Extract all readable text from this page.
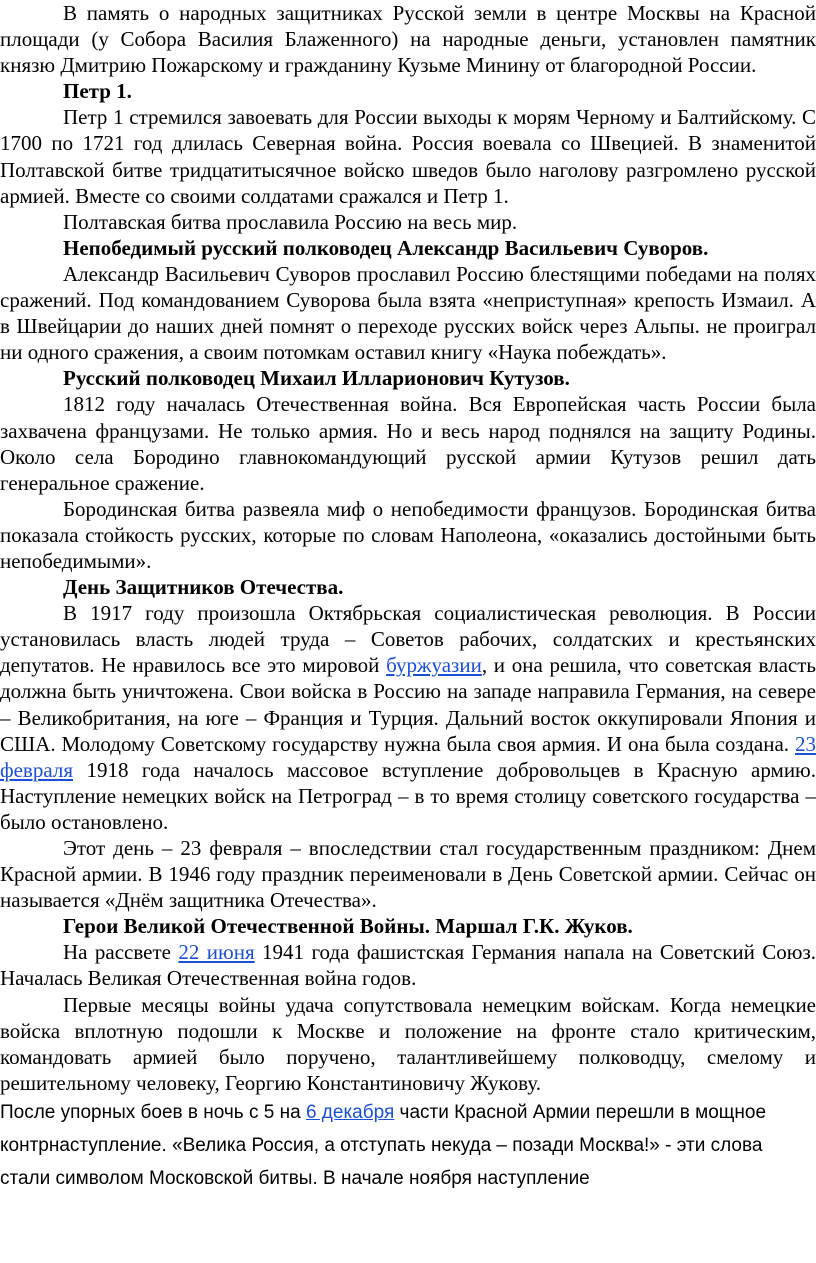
В память о народных защитниках Русской земли в центре Москвы на Красной площади (у Собора Василия Блаженного) на народные деньги, установлен памятник князю Дмитрию Пожарскому и гражданину Кузьме Минину от благородной России.

Петр 1.

Петр 1 стремился завоевать для России выходы к морям Черному и Балтийскому. С 1700 по 1721 год длилась Северная война. Россия воевала со Швецией. В знаменитой Полтавской битве тридцатитысячное войско шведов было наголову разгромлено русской армией. Вместе со своими солдатами сражался и Петр 1.

Полтавская битва прославила Россию на весь мир.

Непобедимый русский полководец Александр Васильевич Суворов.

Александр Васильевич Суворов прославил Россию блестящими победами на полях сражений. Под командованием Суворова была взята «неприступная» крепость Измаил. А в Швейцарии до наших дней помнят о переходе русских войск через Альпы. не проиграл ни одного сражения, а своим потомкам оставил книгу «Наука побеждать».

Русский полководец Михаил Илларионович Кутузов.

1812 году началась Отечественная война. Вся Европейская часть России была захвачена французами. Не только армия. Но и весь народ поднялся на защиту Родины. Около села Бородино главнокомандующий русской армии Кутузов решил дать генеральное сражение.

Бородинская битва развеяла миф о непобедимости французов. Бородинская битва показала стойкость русских, которые по словам Наполеона, «оказались достойными быть непобедимыми».

День Защитников Отечества.

В 1917 году произошла Октябрьская социалистическая революция. В России установилась власть людей труда – Советов рабочих, солдатских и крестьянских депутатов. Не нравилось все это мировой буржуазии, и она решила, что советская власть должна быть уничтожена. Свои войска в Россию на западе направила Германия, на севере – Великобритания, на юге – Франция и Турция. Дальний восток оккупировали Япония и США. Молодому Советскому государству нужна была своя армия. И она была создана. 23 февраля 1918 года началось массовое вступление добровольцев в Красную армию. Наступление немецких войск на Петроград – в то время столицу советского государства – было остановлено.

Этот день – 23 февраля – впоследствии стал государственным праздником: Днем Красной армии. В 1946 году праздник переименовали в День Советской армии. Сейчас он называется «Днём защитника Отечества».

Герои Великой Отечественной Войны. Маршал Г.К. Жуков.

На рассвете 22 июня 1941 года фашистская Германия напала на Советский Союз. Началась Великая Отечественная война годов.

Первые месяцы войны удача сопутствовала немецким войскам. Когда немецкие войска вплотную подошли к Москве и положение на фронте стало критическим, командовать армией было поручено, талантливейшему полководцу, смелому и решительному человеку, Георгию Константиновичу Жукову.

После упорных боев в ночь с 5 на 6 декабря части Красной Армии перешли в мощное контрнаступление. «Велика Россия, а отступать некуда – позади Москва!» - эти слова стали символом Московской битвы. В начале ноября наступление
